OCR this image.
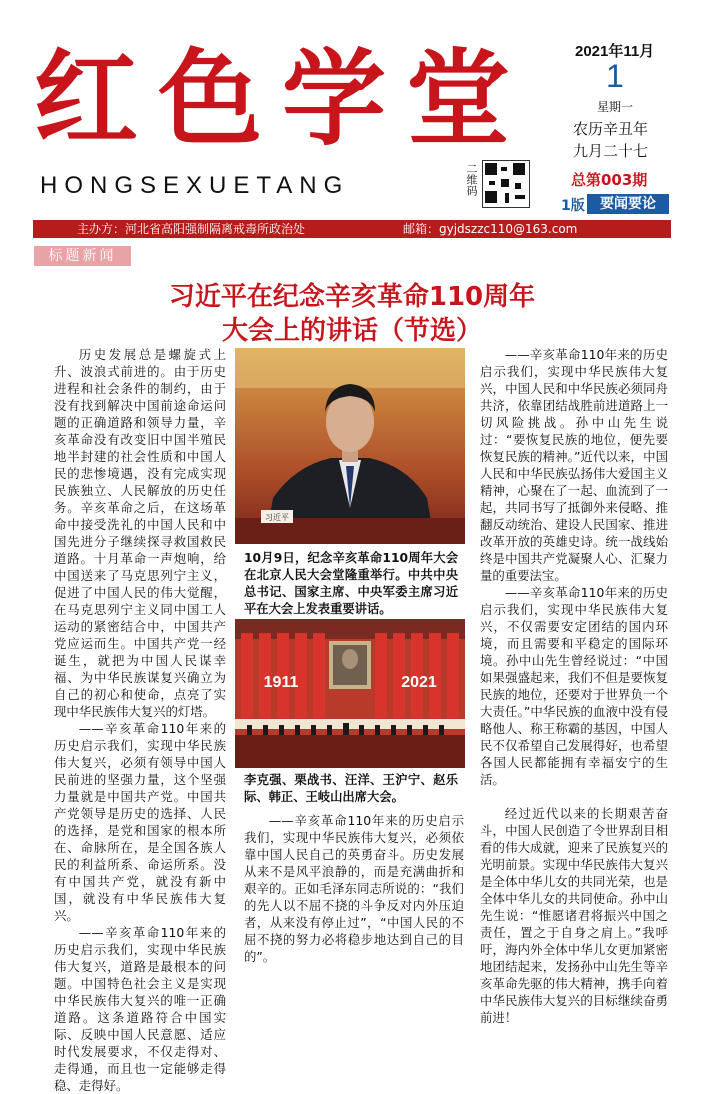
红 色 学 堂
HONGSEXUETANG	二维码
2021年11月
1
星期一
农历辛丑年
九月二十七
总第003期
1版	要闻要论
主办方：河北省高阳强制隔离戒毒所政治处	邮箱：gyjdszzc110@163.com
标题新闻
习近平在纪念辛亥革命110周年
大会上的讲话（节选）

历史发展总是螺旋式上升、波浪式前进的。由于历史进程和社会条件的制约，由于没有找到解决中国前途命运问题的正确道路和领导力量，辛亥革命没有改变旧中国半殖民地半封建的社会性质和中国人民的悲惨境遇，没有完成实现民族独立、人民解放的历史任务。辛亥革命之后，在这场革命中接受洗礼的中国人民和中国先进分子继续探寻救国救民道路。十月革命一声炮响，给中国送来了马克思列宁主义，促进了中国人民的伟大觉醒，在马克思列宁主义同中国工人运动的紧密结合中，中国共产党应运而生。中国共产党一经诞生，就把为中国人民谋幸福、为中华民族谋复兴确立为自己的初心和使命，点亮了实现中华民族伟大复兴的灯塔。

——辛亥革命110年来的历史启示我们，实现中华民族伟大复兴，必须有领导中国人民前进的坚强力量，这个坚强力量就是中国共产党。中国共产党领导是历史的选择、人民的选择，是党和国家的根本所在、命脉所在，是全国各族人民的利益所系、命运所系。没有中国共产党，就没有新中国，就没有中华民族伟大复兴。

——辛亥革命110年来的历史启示我们，实现中华民族伟大复兴，道路是最根本的问题。中国特色社会主义是实现中华民族伟大复兴的唯一正确道路。这条道路符合中国实际、反映中国人民意愿、适应时代发展要求，不仅走得对、走得通，而且也一定能够走得稳、走得好。

习近平
10月9日，纪念辛亥革命110周年大会在北京人民大会堂隆重举行。中共中央总书记、国家主席、中央军委主席习近平在大会上发表重要讲话。
1911	2021
李克强、栗战书、汪洋、王沪宁、赵乐际、韩正、王岐山出席大会。

——辛亥革命110年来的历史启示我们，实现中华民族伟大复兴，必须依靠中国人民自己的英勇奋斗。历史发展从来不是风平浪静的，而是充满曲折和艰辛的。正如毛泽东同志所说的：“我们的先人以不屈不挠的斗争反对内外压迫者，从来没有停止过”，“中国人民的不屈不挠的努力必将稳步地达到自己的目的”。

——辛亥革命110年来的历史启示我们，实现中华民族伟大复兴，中国人民和中华民族必须同舟共济，依靠团结战胜前进道路上一切风险挑战。孙中山先生说过：“要恢复民族的地位，便先要恢复民族的精神。”近代以来，中国人民和中华民族弘扬伟大爱国主义精神，心聚在了一起、血流到了一起，共同书写了抵御外来侵略、推翻反动统治、建设人民国家、推进改革开放的英雄史诗。统一战线始终是中国共产党凝聚人心、汇聚力量的重要法宝。

——辛亥革命110年来的历史启示我们，实现中华民族伟大复兴，不仅需要安定团结的国内环境，而且需要和平稳定的国际环境。孙中山先生曾经说过：“中国如果强盛起来，我们不但是要恢复民族的地位，还要对于世界负一个大责任。”中华民族的血液中没有侵略他人、称王称霸的基因，中国人民不仅希望自己发展得好，也希望各国人民都能拥有幸福安宁的生活。

经过近代以来的长期艰苦奋斗，中国人民创造了令世界刮目相看的伟大成就，迎来了民族复兴的光明前景。实现中华民族伟大复兴是全体中华儿女的共同光荣，也是全体中华儿女的共同使命。孙中山先生说：“惟愿诸君将振兴中国之责任，置之于自身之肩上。”我呼吁，海内外全体中华儿女更加紧密地团结起来，发扬孙中山先生等辛亥革命先驱的伟大精神，携手向着中华民族伟大复兴的目标继续奋勇前进！
